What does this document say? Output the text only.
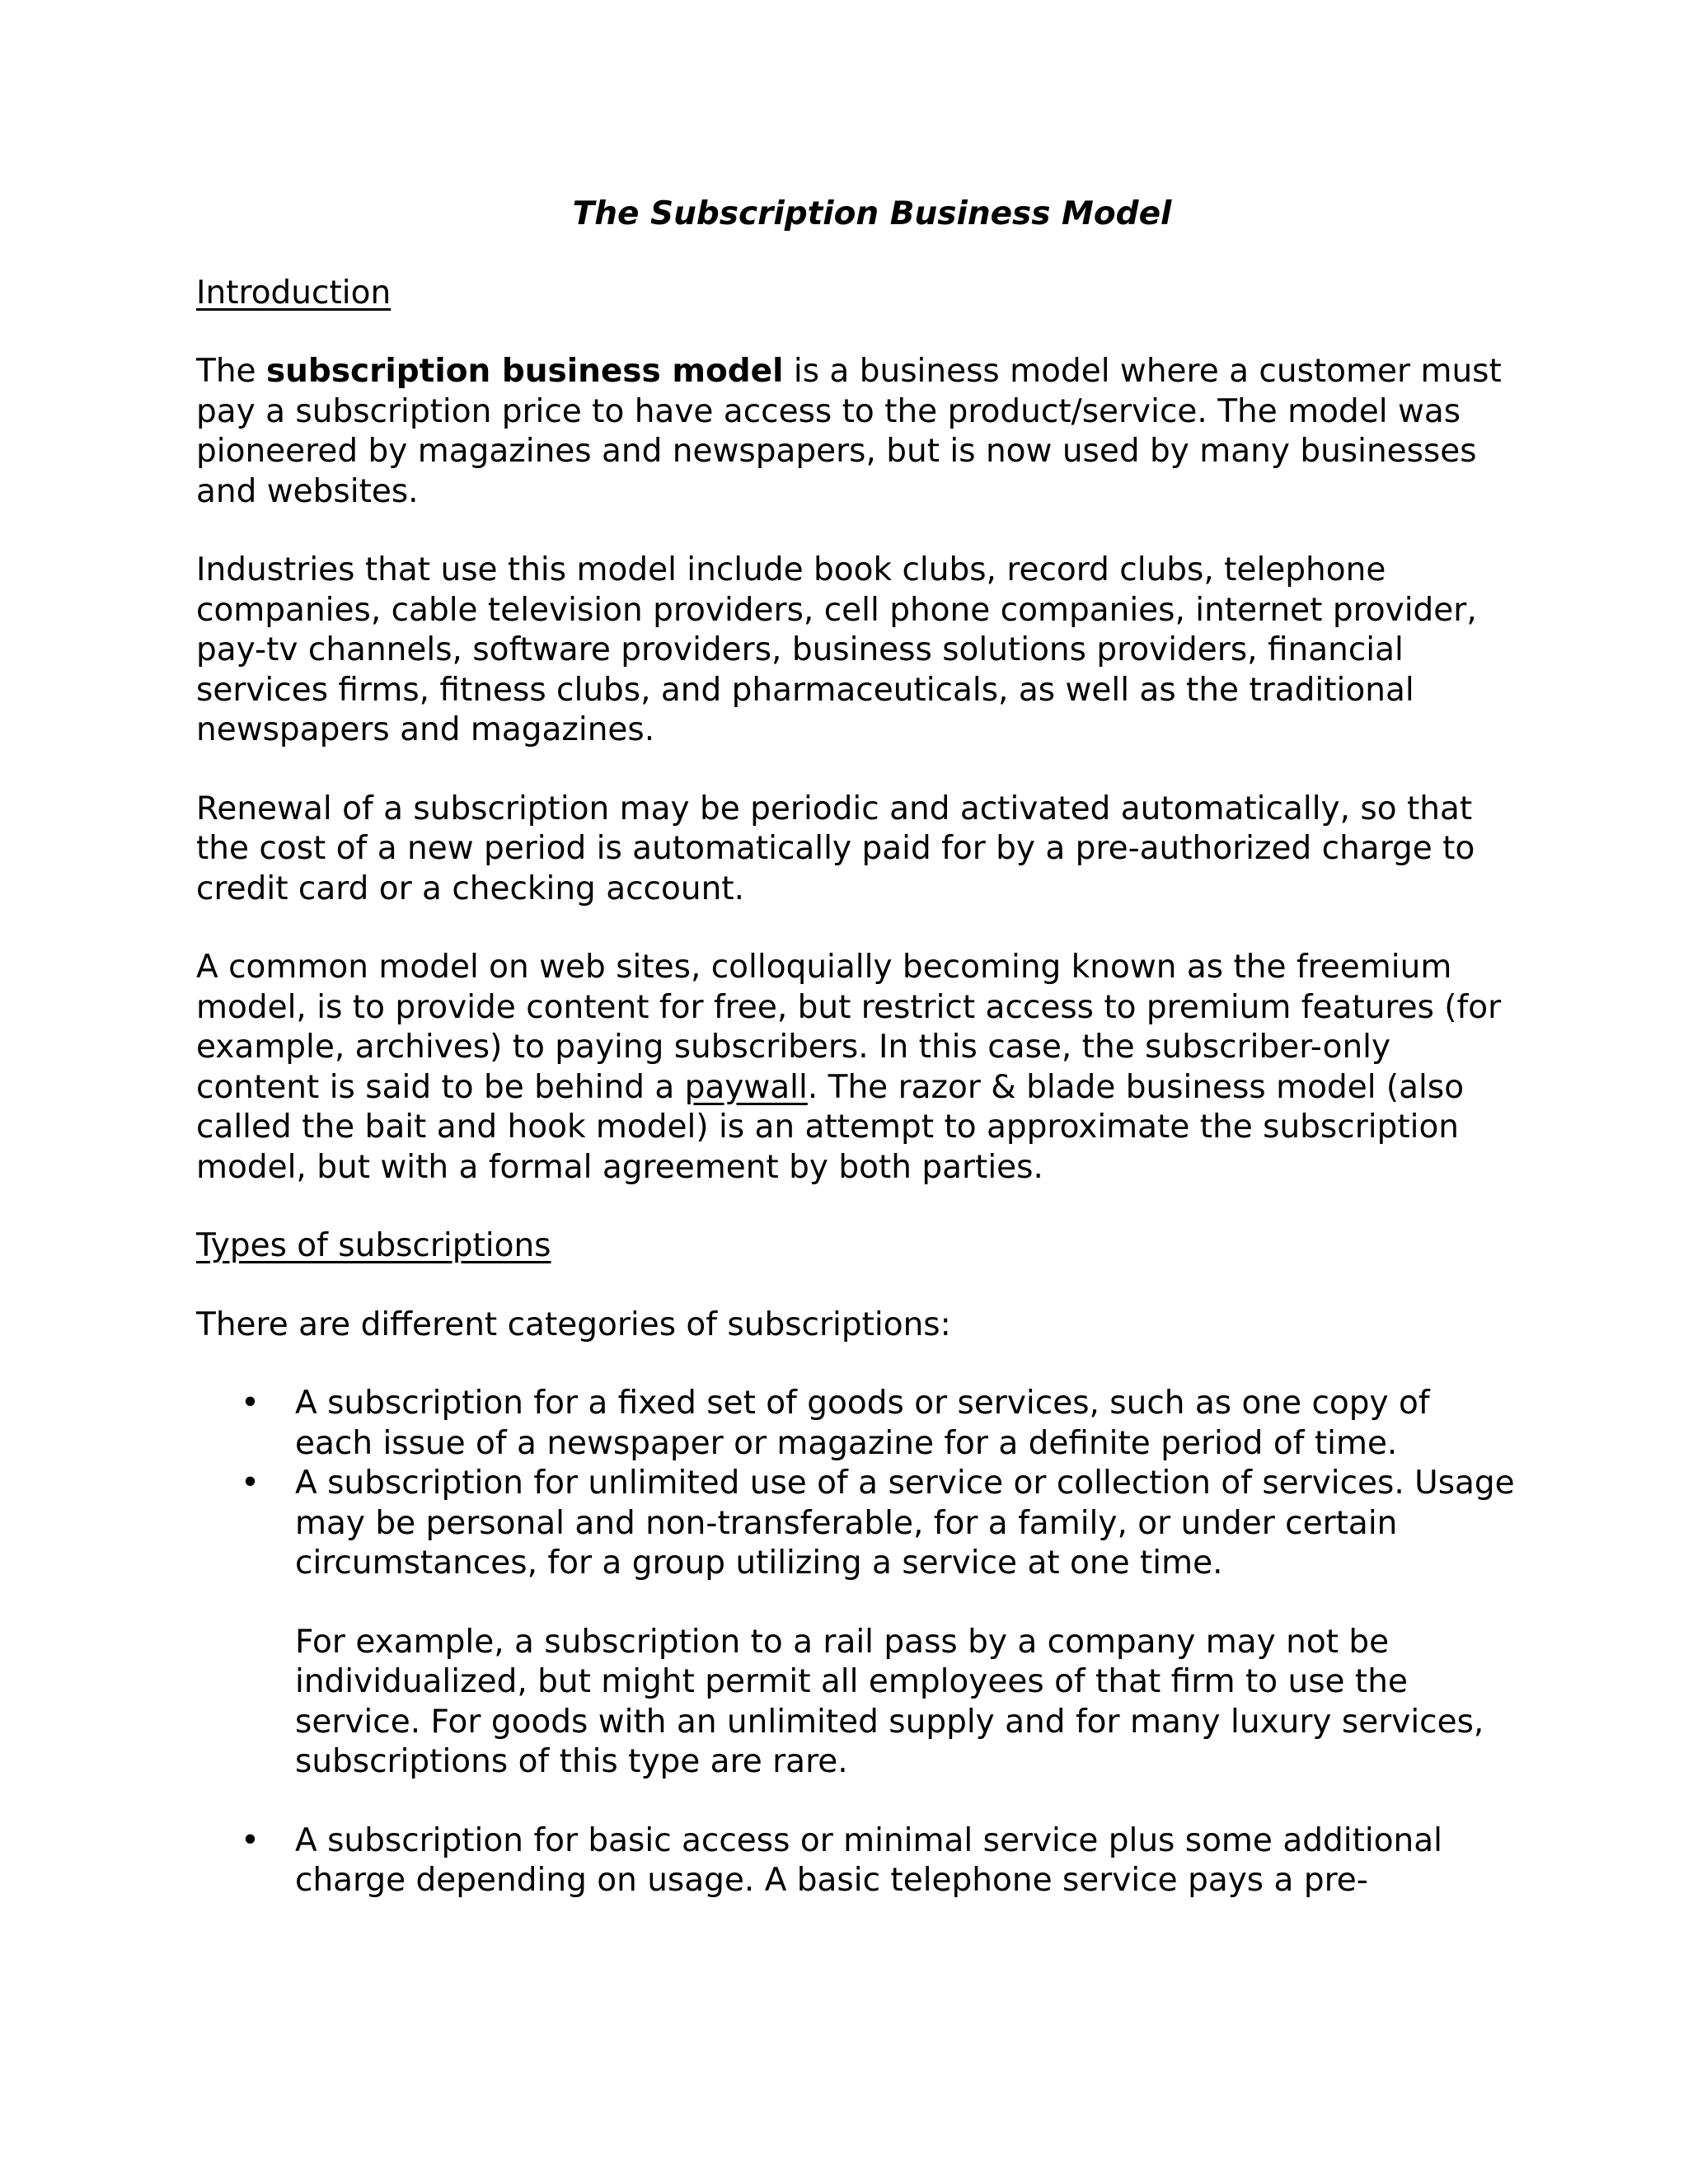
The Subscription Business Model
Introduction

The subscription business model is a business model where a customer must pay a subscription price to have access to the product/service. The model was pioneered by magazines and newspapers, but is now used by many businesses and websites.

Industries that use this model include book clubs, record clubs, telephone companies, cable television providers, cell phone companies, internet provider, pay-tv channels, software providers, business solutions providers, financial services firms, fitness clubs, and pharmaceuticals, as well as the traditional newspapers and magazines.

Renewal of a subscription may be periodic and activated automatically, so that the cost of a new period is automatically paid for by a pre-authorized charge to credit card or a checking account.

A common model on web sites, colloquially becoming known as the freemium model, is to provide content for free, but restrict access to premium features (for example, archives) to paying subscribers. In this case, the subscriber-only content is said to be behind a paywall. The razor & blade business model (also called the bait and hook model) is an attempt to approximate the subscription model, but with a formal agreement by both parties.

Types of subscriptions

There are different categories of subscriptions:

• A subscription for a fixed set of goods or services, such as one copy of each issue of a newspaper or magazine for a definite period of time.
• A subscription for unlimited use of a service or collection of services. Usage may be personal and non-transferable, for a family, or under certain circumstances, for a group utilizing a service at one time.
For example, a subscription to a rail pass by a company may not be individualized, but might permit all employees of that firm to use the service. For goods with an unlimited supply and for many luxury services, subscriptions of this type are rare.
• A subscription for basic access or minimal service plus some additional charge depending on usage. A basic telephone service pays a pre-
